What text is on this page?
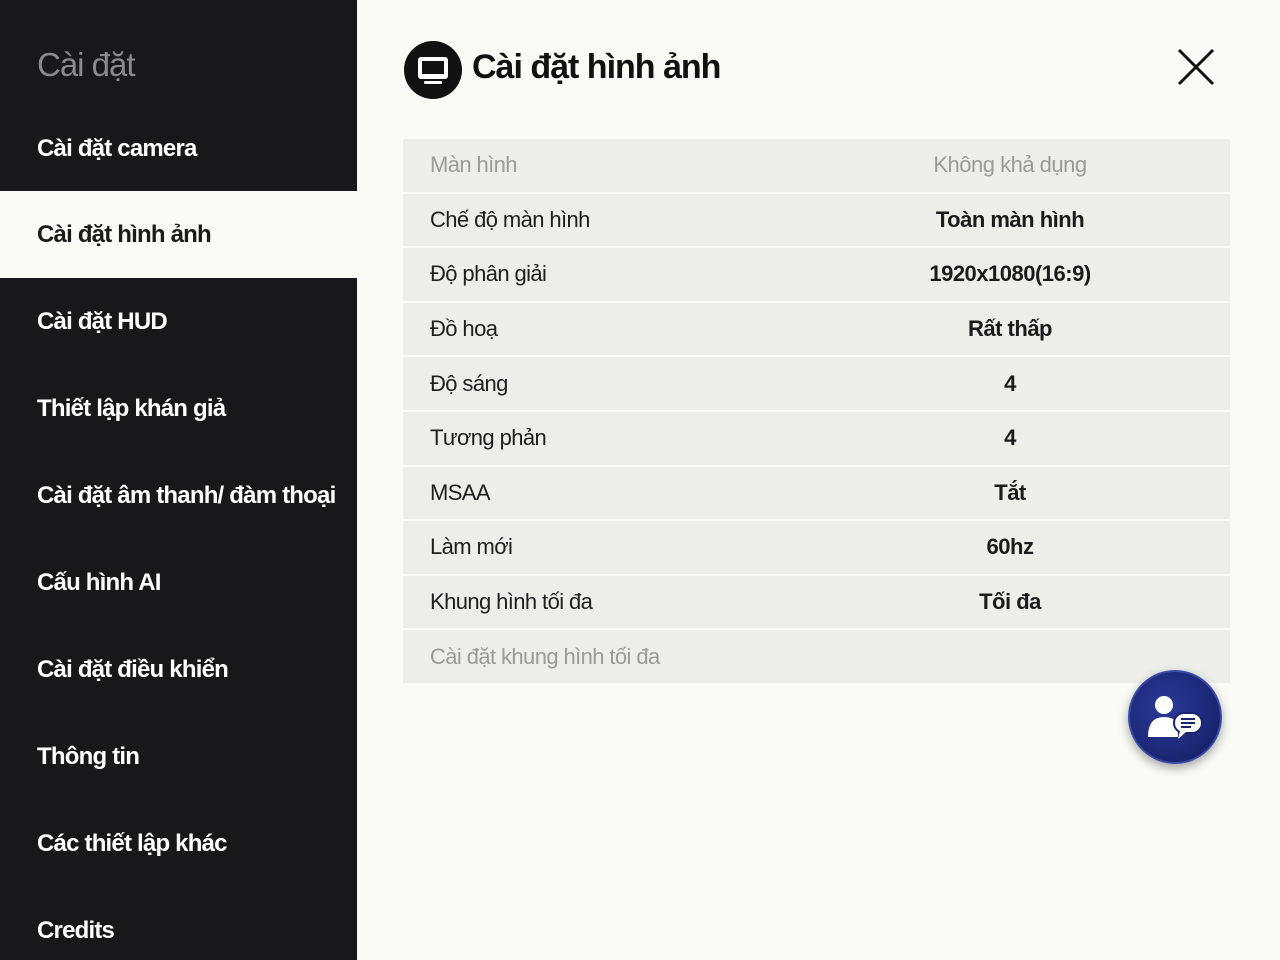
Cài đặt
Cài đặt camera
Cài đặt hình ảnh
Cài đặt HUD
Thiết lập khán giả
Cài đặt âm thanh/ đàm thoại
Cấu hình AI
Cài đặt điều khiển
Thông tin
Các thiết lập khác
Credits
Cài đặt hình ảnh
Màn hình	Không khả dụng
Chế độ màn hình	Toàn màn hình
Độ phân giải	1920x1080(16:9)
Đồ hoạ	Rất thấp
Độ sáng	4
Tương phản	4
MSAA	Tắt
Làm mới	60hz
Khung hình tối đa	Tối đa
Cài đặt khung hình tối đa
